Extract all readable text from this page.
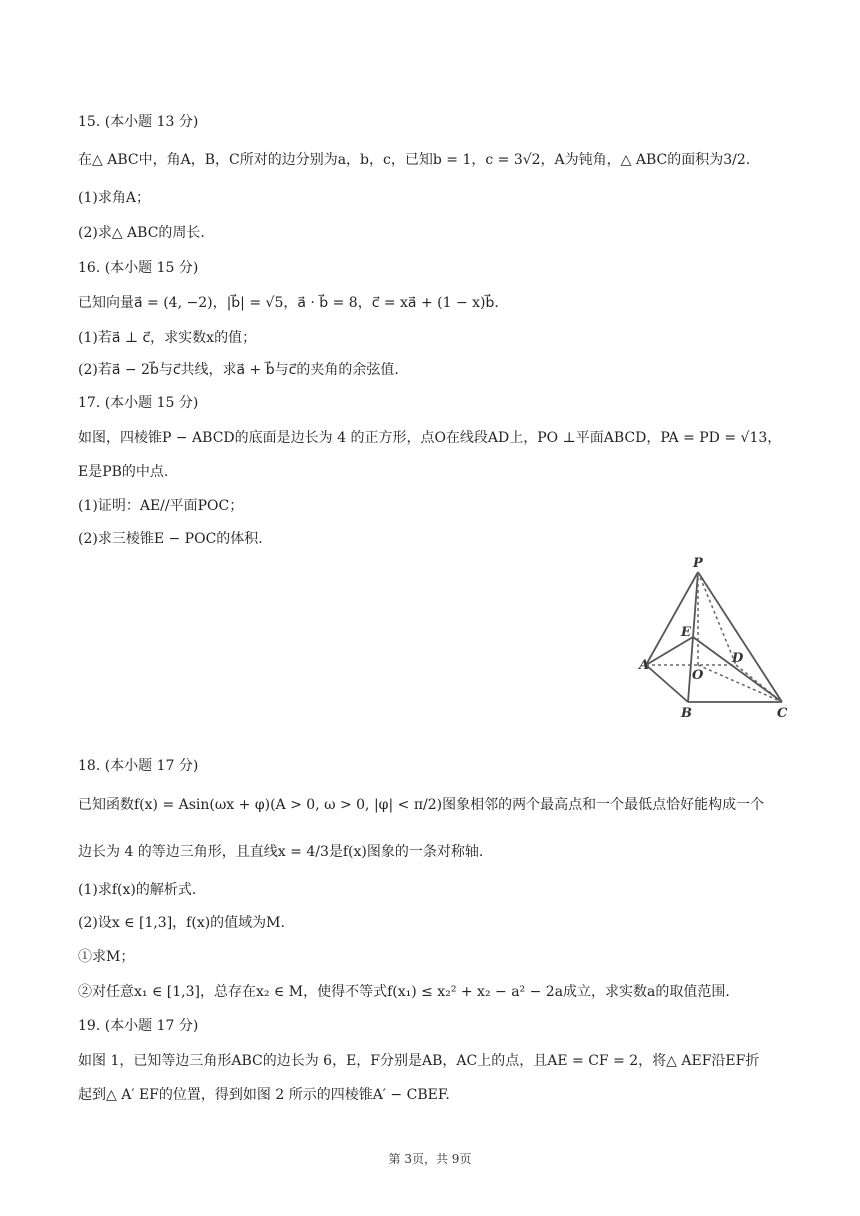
15. (本小题 13 分)
在△ ABC中，角A，B，C所对的边分别为a，b，c，已知b = 1，c = 3√2，A为钝角，△ ABC的面积为3/2.
(1)求角A；
(2)求△ ABC的周长.
16. (本小题 15 分)
已知向量a⃗ = (4, −2)，|b⃗| = √5，a⃗ · b⃗ = 8，c⃗ = xa⃗ + (1 − x)b⃗.
(1)若a⃗ ⊥ c⃗，求实数x的值；
(2)若a⃗ − 2b⃗与c⃗共线，求a⃗ + b⃗与c⃗的夹角的余弦值.
17. (本小题 15 分)
如图，四棱锥P − ABCD的底面是边长为 4 的正方形，点O在线段AD上，PO ⊥平面ABCD，PA = PD = √13，
E是PB的中点.
(1)证明：AE//平面POC；
(2)求三棱锥E − POC的体积.
P
E
D
A
O
B	C
18. (本小题 17 分)
已知函数f(x) = Asin(ωx + φ)(A > 0, ω > 0, |φ| < π/2)图象相邻的两个最高点和一个最低点恰好能构成一个
边长为 4 的等边三角形，且直线x = 4/3是f(x)图象的一条对称轴.
(1)求f(x)的解析式.
(2)设x ∈ [1,3]，f(x)的值域为M.
①求M；
②对任意x₁ ∈ [1,3]，总存在x₂ ∈ M，使得不等式f(x₁) ≤ x₂² + x₂ − a² − 2a成立，求实数a的取值范围.
19. (本小题 17 分)
如图 1，已知等边三角形ABC的边长为 6，E，F分别是AB，AC上的点，且AE = CF = 2，将△ AEF沿EF折
起到△ A′ EF的位置，得到如图 2 所示的四棱锥A′ − CBEF.
第 3页，共 9页
